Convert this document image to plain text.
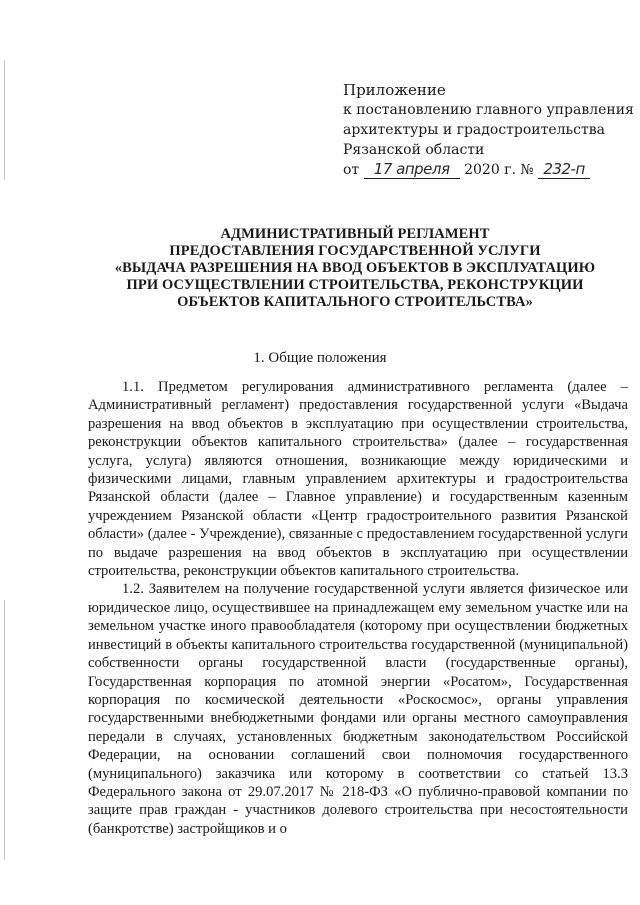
Приложение
к постановлению главного управления
архитектуры и градостроительства
Рязанской области
от 17 апреля 2020 г. № 232-п
АДМИНИСТРАТИВНЫЙ РЕГЛАМЕНТ
ПРЕДОСТАВЛЕНИЯ ГОСУДАРСТВЕННОЙ УСЛУГИ
«ВЫДАЧА РАЗРЕШЕНИЯ НА ВВОД ОБЪЕКТОВ В ЭКСПЛУАТАЦИЮ
ПРИ ОСУЩЕСТВЛЕНИИ СТРОИТЕЛЬСТВА, РЕКОНСТРУКЦИИ
ОБЪЕКТОВ КАПИТАЛЬНОГО СТРОИТЕЛЬСТВА»
1. Общие положения

1.1. Предметом регулирования административного регламента (далее – Административный регламент) предоставления государственной услуги «Выдача разрешения на ввод объектов в эксплуатацию при осуществлении строительства, реконструкции объектов капитального строительства» (далее – государственная услуга, услуга) являются отношения, возникающие между юридическими и физическими лицами, главным управлением архитектуры и градостроительства Рязанской области (далее – Главное управление) и государственным казенным учреждением Рязанской области «Центр градостроительного развития Рязанской области» (далее - Учреждение), связанные с предоставлением государственной услуги по выдаче разрешения на ввод объектов в эксплуатацию при осуществлении строительства, реконструкции объектов капитального строительства.

1.2. Заявителем на получение государственной услуги является физическое или юридическое лицо, осуществившее на принадлежащем ему земельном участке или на земельном участке иного правообладателя (которому при осуществлении бюджетных инвестиций в объекты капитального строительства государственной (муниципальной) собственности органы государственной власти (государственные органы), Государственная корпорация по атомной энергии «Росатом», Государственная корпорация по космической деятельности «Роскосмос», органы управления государственными внебюджетными фондами или органы местного самоуправления передали в случаях, установленных бюджетным законодательством Российской Федерации, на основании соглашений свои полномочия государственного (муниципального) заказчика или которому в соответствии со статьей 13.3 Федерального закона от 29.07.2017 № 218-ФЗ «О публично-правовой компании по защите прав граждан - участников долевого строительства при несостоятельности (банкротстве) застройщиков и о
